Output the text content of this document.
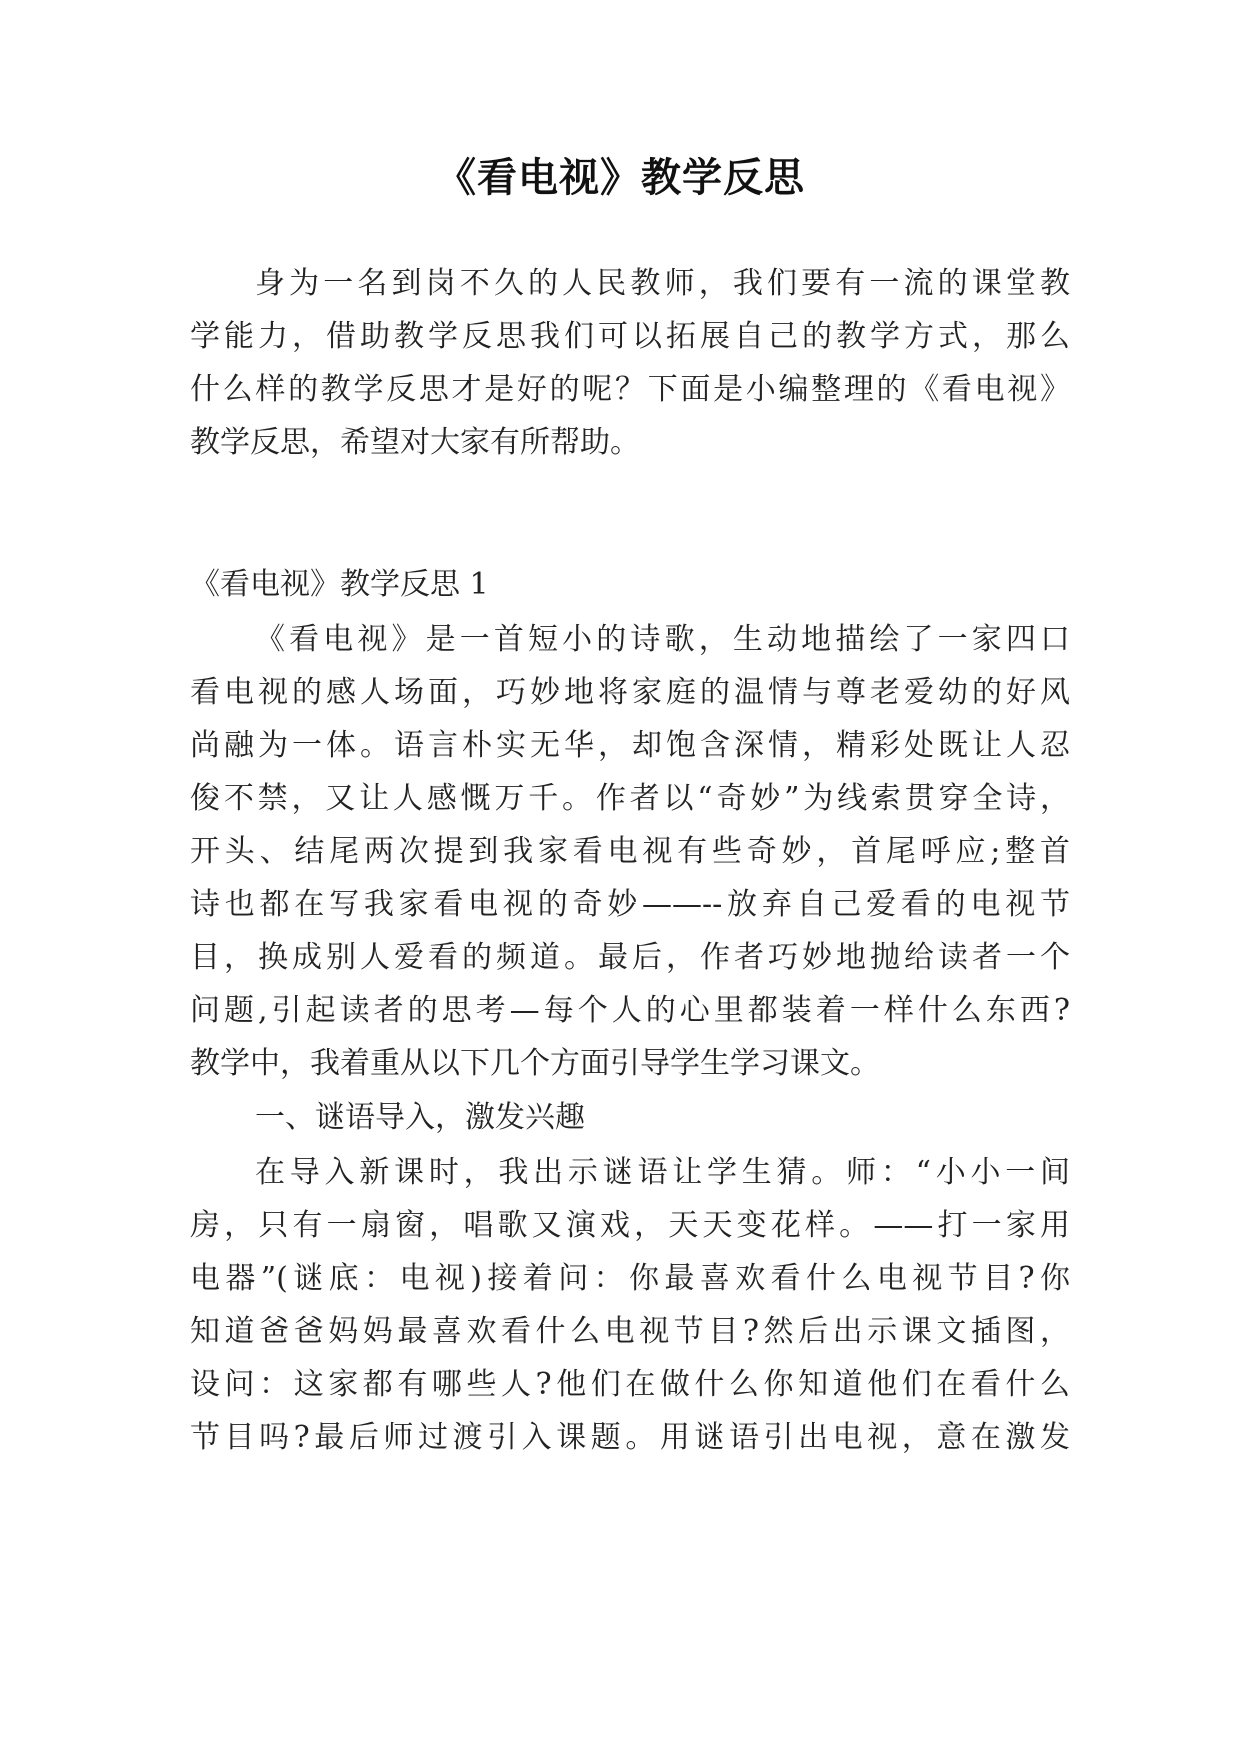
《看电视》教学反思
身为一名到岗不久的人民教师，我们要有一流的课堂教
学能力，借助教学反思我们可以拓展自己的教学方式，那么
什么样的教学反思才是好的呢？下面是小编整理的《看电视》
教学反思，希望对大家有所帮助。
《看电视》教学反思 1
《看电视》是一首短小的诗歌，生动地描绘了一家四口
看电视的感人场面，巧妙地将家庭的温情与尊老爱幼的好风
尚融为一体。语言朴实无华，却饱含深情，精彩处既让人忍
俊不禁，又让人感慨万千。作者以“奇妙”为线索贯穿全诗，
开头、结尾两次提到我家看电视有些奇妙，首尾呼应;整首
诗也都在写我家看电视的奇妙——--放弃自己爱看的电视节
目，换成别人爱看的频道。最后，作者巧妙地抛给读者一个
问题,引起读者的思考—每个人的心里都装着一样什么东西?
教学中，我着重从以下几个方面引导学生学习课文。
一、谜语导入，激发兴趣
在导入新课时，我出示谜语让学生猜。师：“小小一间
房，只有一扇窗，唱歌又演戏，天天变花样。——打一家用
电器”(谜底：电视)接着问：你最喜欢看什么电视节目?你
知道爸爸妈妈最喜欢看什么电视节目?然后出示课文插图，
设问：这家都有哪些人?他们在做什么你知道他们在看什么
节目吗?最后师过渡引入课题。用谜语引出电视，意在激发
